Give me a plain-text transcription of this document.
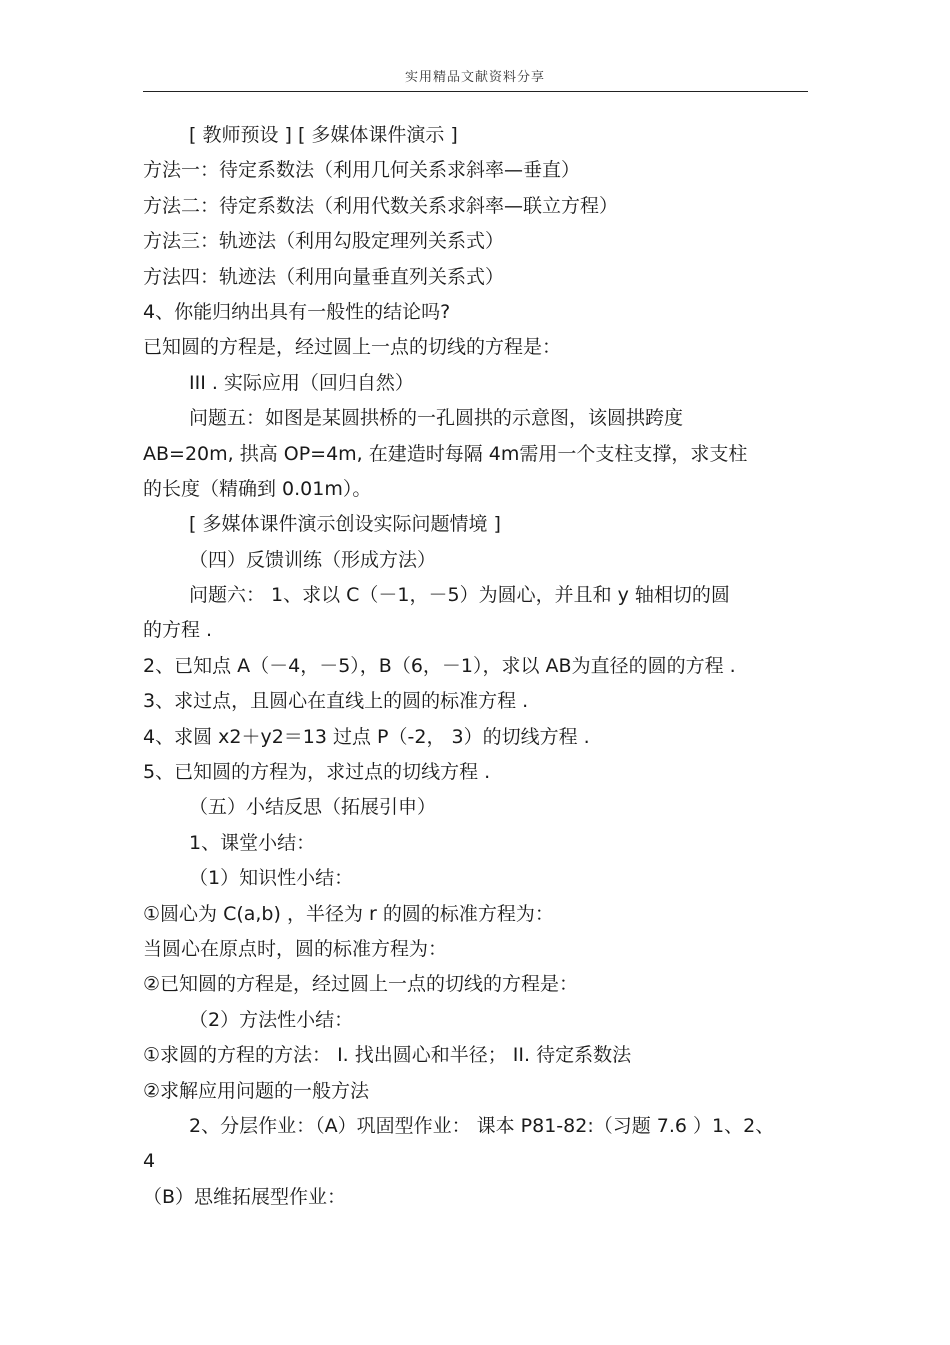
实用精品文献资料分享
[ 教师预设 ] [ 多媒体课件演示 ]
方法一：待定系数法（利用几何关系求斜率—垂直）
方法二：待定系数法（利用代数关系求斜率—联立方程）
方法三：轨迹法（利用勾股定理列关系式）
方法四：轨迹法（利用向量垂直列关系式）
4、你能归纳出具有一般性的结论吗?
已知圆的方程是，经过圆上一点的切线的方程是：
III . 实际应用（回归自然）
问题五：如图是某圆拱桥的一孔圆拱的示意图，该圆拱跨度
AB=20m, 拱高 OP=4m, 在建造时每隔 4m需用一个支柱支撑，求支柱
的长度（精确到 0.01m）。
[ 多媒体课件演示创设实际问题情境 ]
（四）反馈训练（形成方法）
问题六： 1、求以 C（－1，－5）为圆心，并且和 y 轴相切的圆
的方程 .
2、已知点 A（－4，－5），B（6，－1），求以 AB为直径的圆的方程 .
3、求过点，且圆心在直线上的圆的标准方程 .
4、求圆 x2＋y2＝13 过点 P（-2， 3）的切线方程 .
5、已知圆的方程为，求过点的切线方程 .
（五）小结反思（拓展引申）
1、课堂小结：
（1）知识性小结：
①圆心为 C(a,b) ，半径为 r 的圆的标准方程为：
当圆心在原点时，圆的标准方程为：
②已知圆的方程是，经过圆上一点的切线的方程是：
（2）方法性小结：
①求圆的方程的方法： I. 找出圆心和半径； II. 待定系数法
②求解应用问题的一般方法
2、分层作业：（A）巩固型作业： 课本 P81-82:（习题 7.6 ）1、2、
4
（B）思维拓展型作业：
